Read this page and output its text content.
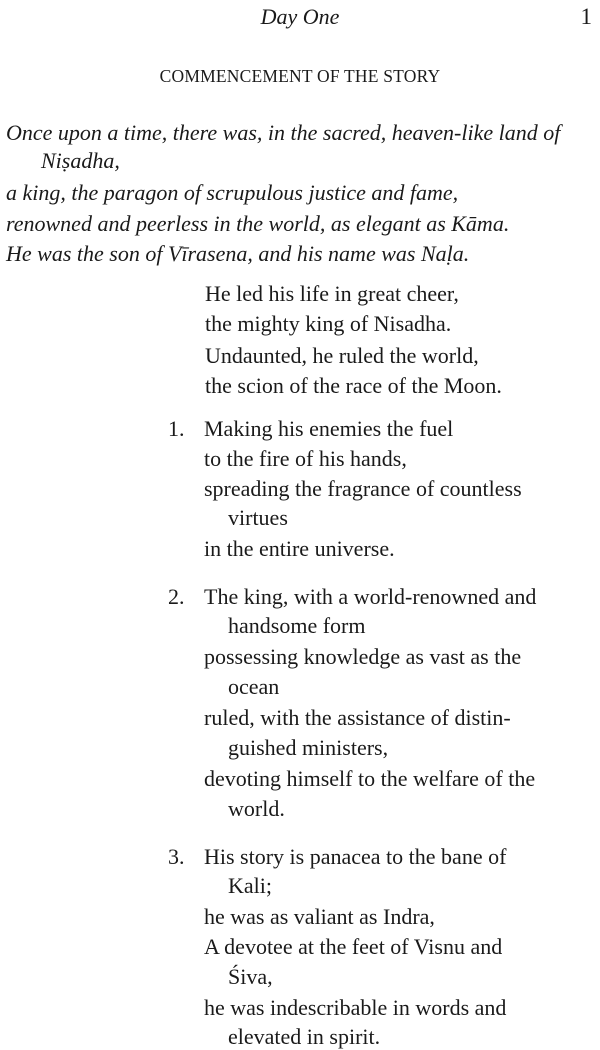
Day One	1
COMMENCEMENT OF THE STORY
Once upon a time, there was, in the sacred, heaven-like land of
Niṣadha,
a king, the paragon of scrupulous justice and fame,
renowned and peerless in the world, as elegant as Kāma.
He was the son of Vīrasena, and his name was Naḷa.
He led his life in great cheer,
the mighty king of Nisadha.
Undaunted, he ruled the world,
the scion of the race of the Moon.
1. Making his enemies the fuel
to the fire of his hands,
spreading the fragrance of countless
virtues
in the entire universe.
2. The king, with a world-renowned and
handsome form
possessing knowledge as vast as the
ocean
ruled, with the assistance of distin-
guished ministers,
devoting himself to the welfare of the
world.
3. His story is panacea to the bane of
Kali;
he was as valiant as Indra,
A devotee at the feet of Visnu and
Śiva,
he was indescribable in words and
elevated in spirit.
